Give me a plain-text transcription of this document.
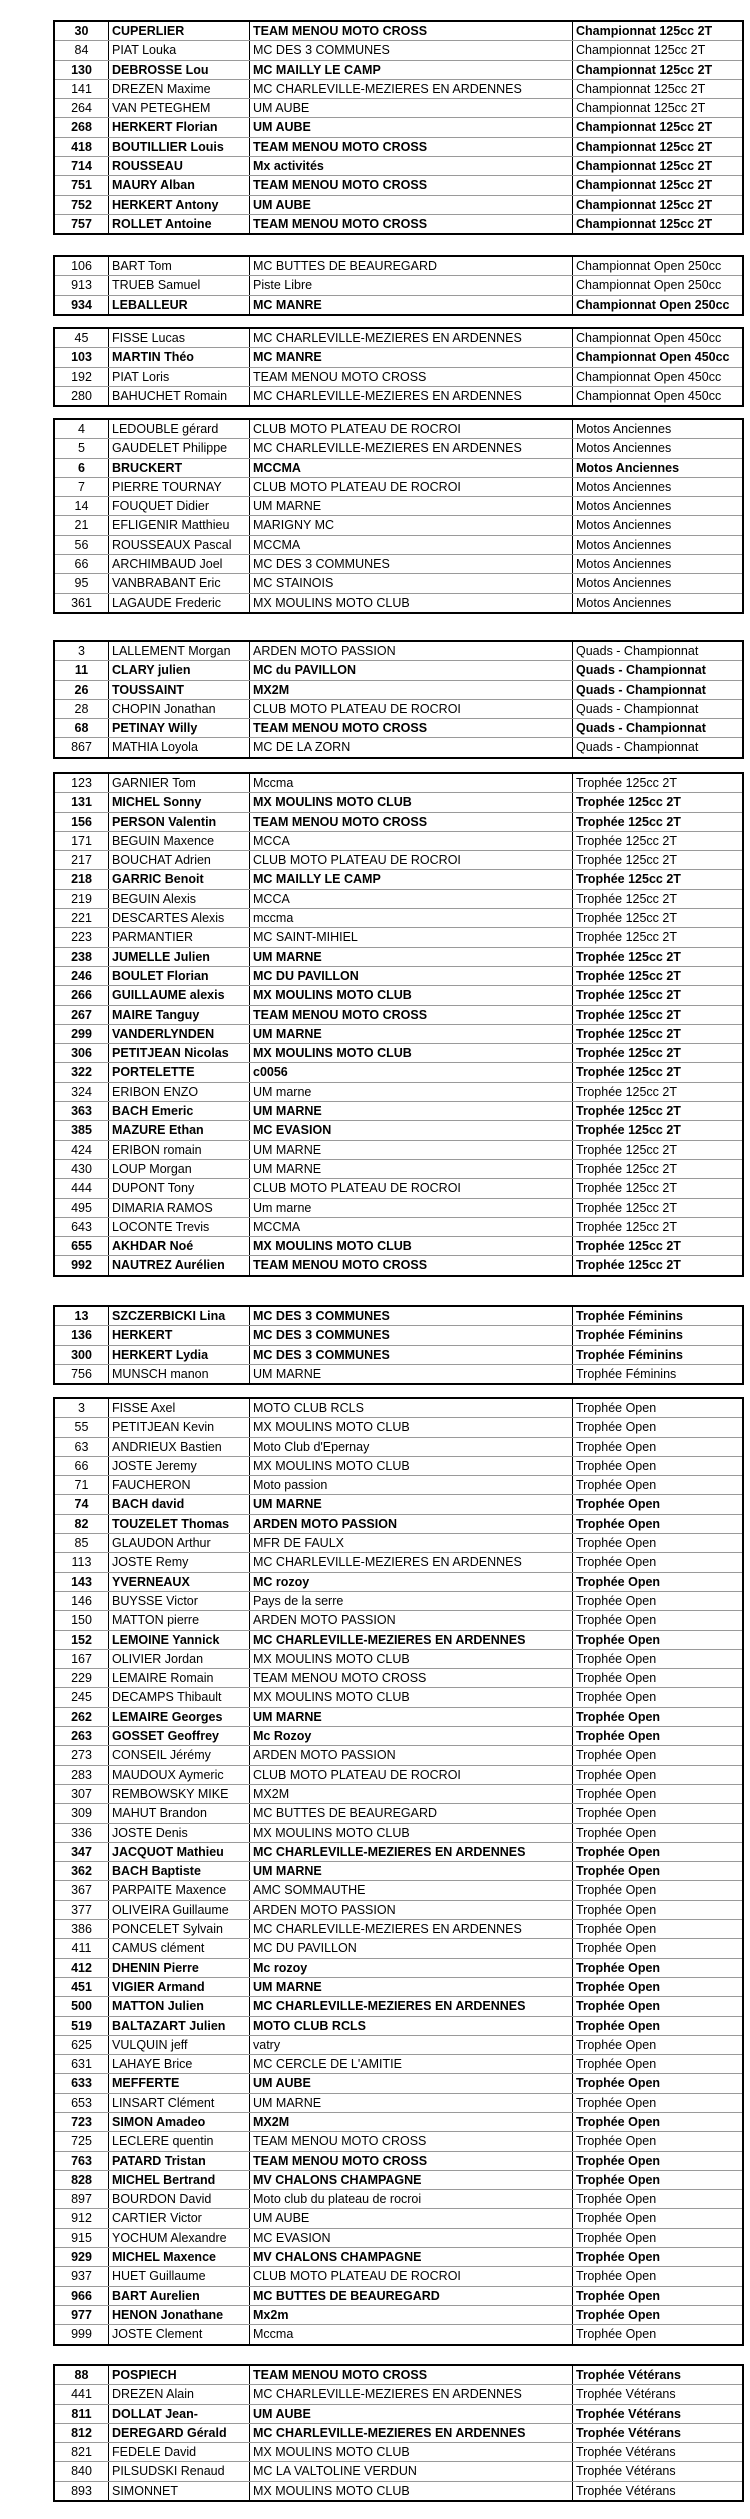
30	CUPERLIER	TEAM MENOU MOTO CROSS	Championnat 125cc 2T
84	PIAT Louka	MC DES 3 COMMUNES	Championnat 125cc 2T
130	DEBROSSE Lou	MC MAILLY LE CAMP	Championnat 125cc 2T
141	DREZEN Maxime	MC CHARLEVILLE-MEZIERES EN ARDENNES	Championnat 125cc 2T
264	VAN PETEGHEM	UM AUBE	Championnat 125cc 2T
268	HERKERT Florian	UM AUBE	Championnat 125cc 2T
418	BOUTILLIER Louis	TEAM MENOU MOTO CROSS	Championnat 125cc 2T
714	ROUSSEAU	Mx activités	Championnat 125cc 2T
751	MAURY Alban	TEAM MENOU MOTO CROSS	Championnat 125cc 2T
752	HERKERT Antony	UM AUBE	Championnat 125cc 2T
757	ROLLET Antoine	TEAM MENOU MOTO CROSS	Championnat 125cc 2T
106	BART Tom	MC BUTTES DE BEAUREGARD	Championnat Open 250cc
913	TRUEB Samuel	Piste Libre	Championnat Open 250cc
934	LEBALLEUR	MC MANRE	Championnat Open 250cc
45	FISSE Lucas	MC CHARLEVILLE-MEZIERES EN ARDENNES	Championnat Open 450cc
103	MARTIN Théo	MC MANRE	Championnat Open 450cc
192	PIAT Loris	TEAM MENOU MOTO CROSS	Championnat Open 450cc
280	BAHUCHET Romain	MC CHARLEVILLE-MEZIERES EN ARDENNES	Championnat Open 450cc
4	LEDOUBLE gérard	CLUB MOTO PLATEAU DE ROCROI	Motos Anciennes
5	GAUDELET Philippe	MC CHARLEVILLE-MEZIERES EN ARDENNES	Motos Anciennes
6	BRUCKERT	MCCMA	Motos Anciennes
7	PIERRE TOURNAY	CLUB MOTO PLATEAU DE ROCROI	Motos Anciennes
14	FOUQUET Didier	UM MARNE	Motos Anciennes
21	EFLIGENIR Matthieu	MARIGNY MC	Motos Anciennes
56	ROUSSEAUX Pascal	MCCMA	Motos Anciennes
66	ARCHIMBAUD Joel	MC DES 3 COMMUNES	Motos Anciennes
95	VANBRABANT Eric	MC STAINOIS	Motos Anciennes
361	LAGAUDE Frederic	MX MOULINS MOTO CLUB	Motos Anciennes
3	LALLEMENT Morgan	ARDEN MOTO PASSION	Quads - Championnat
11	CLARY julien	MC du PAVILLON	Quads - Championnat
26	TOUSSAINT	MX2M	Quads - Championnat
28	CHOPIN Jonathan	CLUB MOTO PLATEAU DE ROCROI	Quads - Championnat
68	PETINAY Willy	TEAM MENOU MOTO CROSS	Quads - Championnat
867	MATHIA Loyola	MC DE LA ZORN	Quads - Championnat
123	GARNIER Tom	Mccma	Trophée 125cc 2T
131	MICHEL Sonny	MX MOULINS MOTO CLUB	Trophée 125cc 2T
156	PERSON Valentin	TEAM MENOU MOTO CROSS	Trophée 125cc 2T
171	BEGUIN Maxence	MCCA	Trophée 125cc 2T
217	BOUCHAT Adrien	CLUB MOTO PLATEAU DE ROCROI	Trophée 125cc 2T
218	GARRIC Benoit	MC MAILLY LE CAMP	Trophée 125cc 2T
219	BEGUIN Alexis	MCCA	Trophée 125cc 2T
221	DESCARTES Alexis	mccma	Trophée 125cc 2T
223	PARMANTIER	MC SAINT-MIHIEL	Trophée 125cc 2T
238	JUMELLE Julien	UM MARNE	Trophée 125cc 2T
246	BOULET Florian	MC DU PAVILLON	Trophée 125cc 2T
266	GUILLAUME alexis	MX MOULINS MOTO CLUB	Trophée 125cc 2T
267	MAIRE Tanguy	TEAM MENOU MOTO CROSS	Trophée 125cc 2T
299	VANDERLYNDEN	UM MARNE	Trophée 125cc 2T
306	PETITJEAN Nicolas	MX MOULINS MOTO CLUB	Trophée 125cc 2T
322	PORTELETTE	c0056	Trophée 125cc 2T
324	ERIBON ENZO	UM marne	Trophée 125cc 2T
363	BACH Emeric	UM MARNE	Trophée 125cc 2T
385	MAZURE Ethan	MC EVASION	Trophée 125cc 2T
424	ERIBON romain	UM MARNE	Trophée 125cc 2T
430	LOUP Morgan	UM MARNE	Trophée 125cc 2T
444	DUPONT Tony	CLUB MOTO PLATEAU DE ROCROI	Trophée 125cc 2T
495	DIMARIA RAMOS	Um marne	Trophée 125cc 2T
643	LOCONTE Trevis	MCCMA	Trophée 125cc 2T
655	AKHDAR Noé	MX MOULINS MOTO CLUB	Trophée 125cc 2T
992	NAUTREZ Aurélien	TEAM MENOU MOTO CROSS	Trophée 125cc 2T
13	SZCZERBICKI Lina	MC DES 3 COMMUNES	Trophée Féminins
136	HERKERT	MC DES 3 COMMUNES	Trophée Féminins
300	HERKERT Lydia	MC DES 3 COMMUNES	Trophée Féminins
756	MUNSCH manon	UM MARNE	Trophée Féminins
3	FISSE Axel	MOTO CLUB RCLS	Trophée Open
55	PETITJEAN Kevin	MX MOULINS MOTO CLUB	Trophée Open
63	ANDRIEUX Bastien	Moto Club d'Epernay	Trophée Open
66	JOSTE Jeremy	MX MOULINS MOTO CLUB	Trophée Open
71	FAUCHERON	Moto passion	Trophée Open
74	BACH david	UM MARNE	Trophée Open
82	TOUZELET Thomas	ARDEN MOTO PASSION	Trophée Open
85	GLAUDON Arthur	MFR DE FAULX	Trophée Open
113	JOSTE Remy	MC CHARLEVILLE-MEZIERES EN ARDENNES	Trophée Open
143	YVERNEAUX	MC rozoy	Trophée Open
146	BUYSSE Victor	Pays de la serre	Trophée Open
150	MATTON pierre	ARDEN MOTO PASSION	Trophée Open
152	LEMOINE Yannick	MC CHARLEVILLE-MEZIERES EN ARDENNES	Trophée Open
167	OLIVIER Jordan	MX MOULINS MOTO CLUB	Trophée Open
229	LEMAIRE Romain	TEAM MENOU MOTO CROSS	Trophée Open
245	DECAMPS Thibault	MX MOULINS MOTO CLUB	Trophée Open
262	LEMAIRE Georges	UM MARNE	Trophée Open
263	GOSSET Geoffrey	Mc Rozoy	Trophée Open
273	CONSEIL Jérémy	ARDEN MOTO PASSION	Trophée Open
283	MAUDOUX Aymeric	CLUB MOTO PLATEAU DE ROCROI	Trophée Open
307	REMBOWSKY MIKE	MX2M	Trophée Open
309	MAHUT Brandon	MC BUTTES DE BEAUREGARD	Trophée Open
336	JOSTE Denis	MX MOULINS MOTO CLUB	Trophée Open
347	JACQUOT Mathieu	MC CHARLEVILLE-MEZIERES EN ARDENNES	Trophée Open
362	BACH Baptiste	UM MARNE	Trophée Open
367	PARPAITE Maxence	AMC SOMMAUTHE	Trophée Open
377	OLIVEIRA Guillaume	ARDEN MOTO PASSION	Trophée Open
386	PONCELET Sylvain	MC CHARLEVILLE-MEZIERES EN ARDENNES	Trophée Open
411	CAMUS clément	MC DU PAVILLON	Trophée Open
412	DHENIN Pierre	Mc rozoy	Trophée Open
451	VIGIER Armand	UM MARNE	Trophée Open
500	MATTON Julien	MC CHARLEVILLE-MEZIERES EN ARDENNES	Trophée Open
519	BALTAZART Julien	MOTO CLUB RCLS	Trophée Open
625	VULQUIN jeff	vatry	Trophée Open
631	LAHAYE Brice	MC CERCLE DE L'AMITIE	Trophée Open
633	MEFFERTE	UM AUBE	Trophée Open
653	LINSART Clément	UM MARNE	Trophée Open
723	SIMON Amadeo	MX2M	Trophée Open
725	LECLERE quentin	TEAM MENOU MOTO CROSS	Trophée Open
763	PATARD Tristan	TEAM MENOU MOTO CROSS	Trophée Open
828	MICHEL Bertrand	MV CHALONS CHAMPAGNE	Trophée Open
897	BOURDON David	Moto club du plateau de rocroi	Trophée Open
912	CARTIER Victor	UM AUBE	Trophée Open
915	YOCHUM Alexandre	MC EVASION	Trophée Open
929	MICHEL Maxence	MV CHALONS CHAMPAGNE	Trophée Open
937	HUET Guillaume	CLUB MOTO PLATEAU DE ROCROI	Trophée Open
966	BART Aurelien	MC BUTTES DE BEAUREGARD	Trophée Open
977	HENON Jonathane	Mx2m	Trophée Open
999	JOSTE Clement	Mccma	Trophée Open
88	POSPIECH	TEAM MENOU MOTO CROSS	Trophée Vétérans
441	DREZEN Alain	MC CHARLEVILLE-MEZIERES EN ARDENNES	Trophée Vétérans
811	DOLLAT Jean-	UM AUBE	Trophée Vétérans
812	DEREGARD Gérald	MC CHARLEVILLE-MEZIERES EN ARDENNES	Trophée Vétérans
821	FEDELE David	MX MOULINS MOTO CLUB	Trophée Vétérans
840	PILSUDSKI Renaud	MC LA VALTOLINE VERDUN	Trophée Vétérans
893	SIMONNET	MX MOULINS MOTO CLUB	Trophée Vétérans
